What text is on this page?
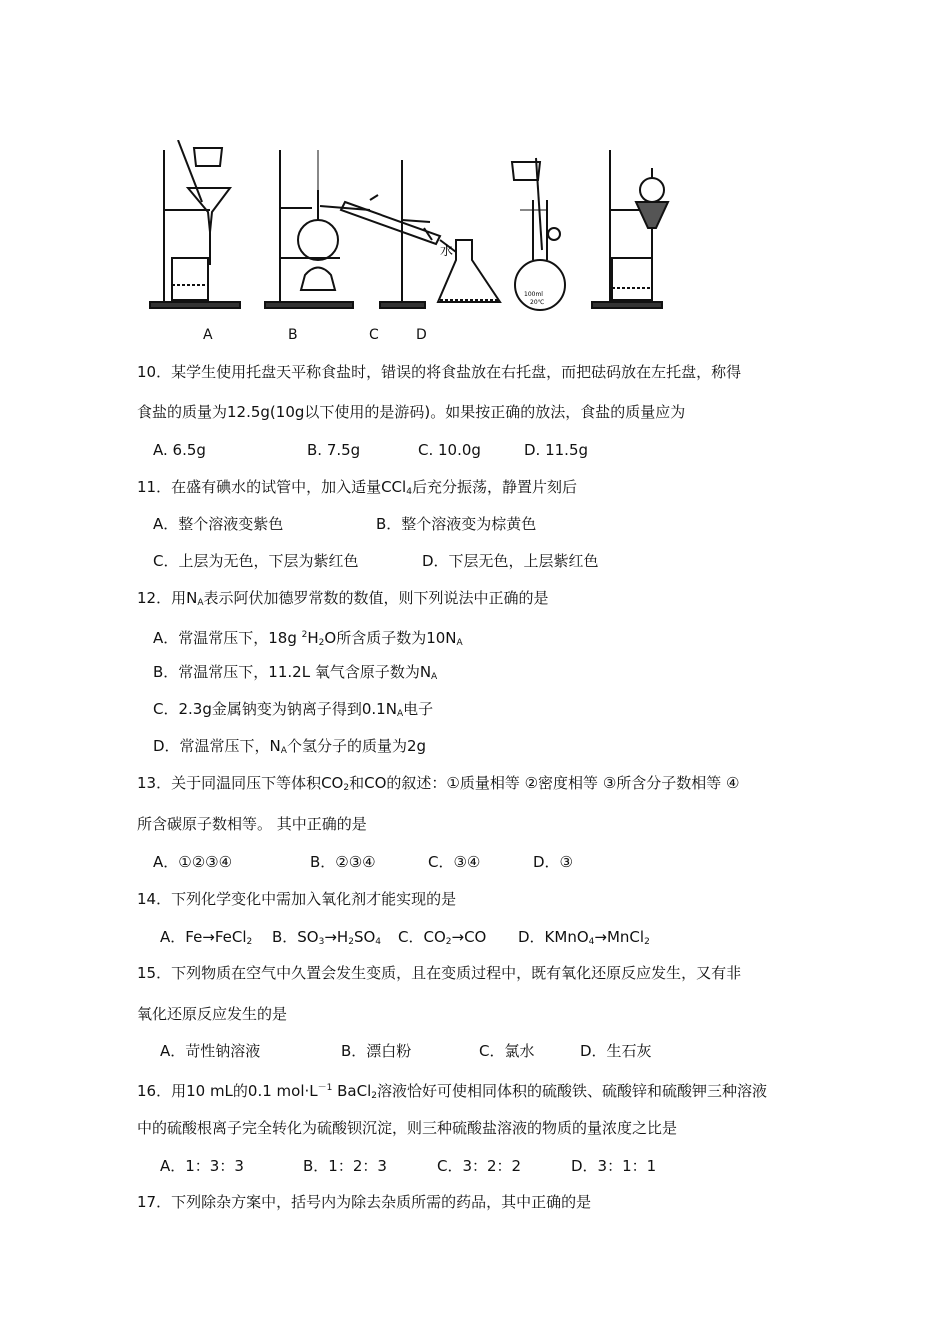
水
100ml
20℃
A	B	C	D
10．某学生使用托盘天平称食盐时，错误的将食盐放在右托盘，而把砝码放在左托盘，称得
食盐的质量为12.5g(10g以下使用的是游码)。如果按正确的放法，食盐的质量应为
A. 6.5g	B. 7.5g	C. 10.0g	D. 11.5g
11．在盛有碘水的试管中，加入适量CCl$_4$后充分振荡，静置片刻后
A．整个溶液变紫色	B．整个溶液变为棕黄色
C．上层为无色，下层为紫红色	D．下层无色，上层紫红色
12．用$N_A$表示阿伏加德罗常数的数值，则下列说法中正确的是
A．常温常压下，18g $^2H_2O$所含质子数为$10N_A$
B．常温常压下，11.2L 氧气含原子数为$N_A$
C．2.3g金属钠变为钠离子得到$0.1N_A$电子
D．常温常压下，$N_A$个氢分子的质量为2g
13．关于同温同压下等体积$CO_2$和CO的叙述：①质量相等 ②密度相等 ③所含分子数相等 ④
所含碳原子数相等。 其中正确的是
A．①②③④	B．②③④	C．③④	D．③
14．下列化学变化中需加入氧化剂才能实现的是
A．Fe→FeCl$_2$ B．$SO_3\to H_2SO_4$ C．$CO_2\to CO$ D．KMnO$_4$→MnCl$_2$
15．下列物质在空气中久置会发生变质，且在变质过程中，既有氧化还原反应发生，又有非
氧化还原反应发生的是
A．苛性钠溶液	B．漂白粉	C．氯水	D．生石灰
16．用10 mL的0.1 $mol\cdot L^{-1}$ BaCl$_2$溶液恰好可使相同体积的硫酸铁、硫酸锌和硫酸钾三种溶液
中的硫酸根离子完全转化为硫酸钡沉淀，则三种硫酸盐溶液的物质的量浓度之比是
A．1：3：3	B．1：2：3	C．3：2：2	D．3：1：1
17．下列除杂方案中，括号内为除去杂质所需的药品，其中正确的是
